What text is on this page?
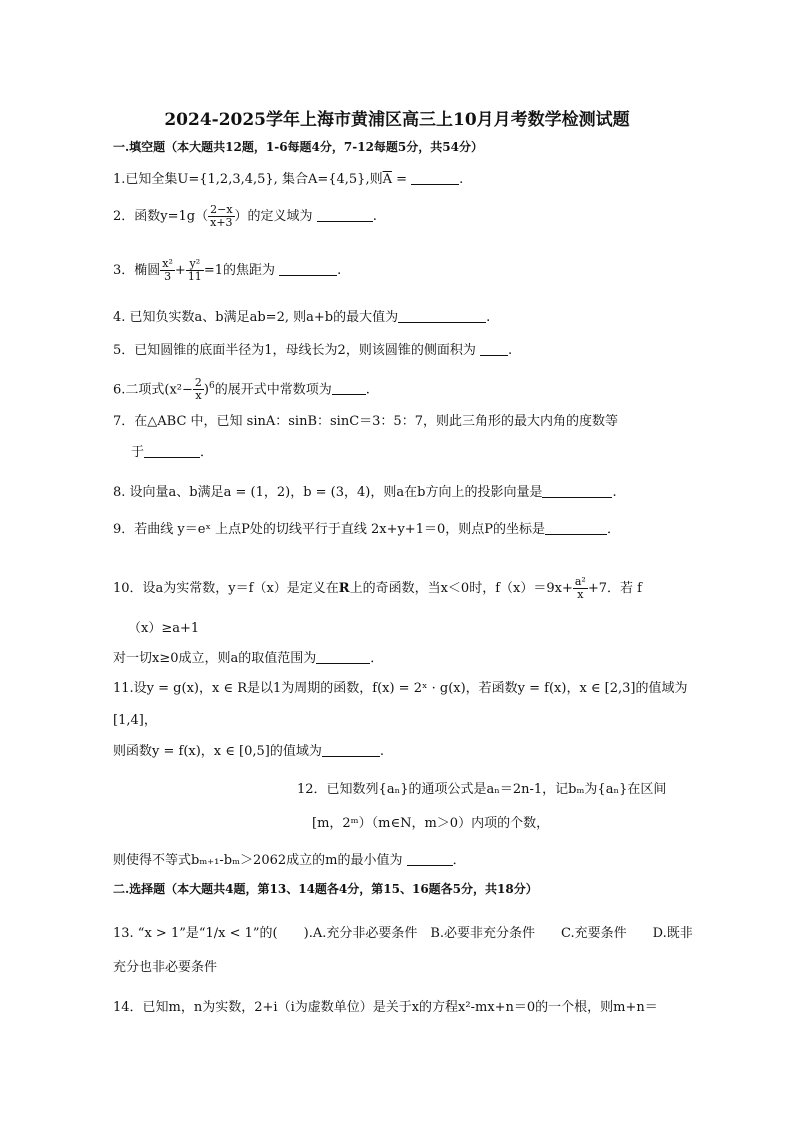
2024-2025学年上海市黄浦区高三上10月月考数学检测试题
一.填空题（本大题共12题，1-6每题4分，7-12每题5分，共54分）
1.已知全集U={1,2,3,4,5}, 集合A={4,5},则$\overline{A}$ =	.
2．函数$y=1g( \frac{2-x}{x+3}$ ）的定义域为	.
3．椭圆 $\frac{\text{x²}}{3} + \frac{\text{y²}}{11} =1$的焦距为	.
4. 已知负实数a、b满足ab=2, 则a+b的最大值为	.
5．已知圆锥的底面半径为1，母线长为2，则该圆锥的侧面积为 .
6.二项式$(x^2- \frac{2}{x} )^6$的展开式中常数项为	.
7．在△ABC 中，已知 sinA：sinB：sinC＝3：5：7，则此三角形的最大内角的度数等
于	．
8. 设向量a、b满足a = (1，2)，b = (3，4)，则a在b方向上的投影向量是	.
9．若曲线 y＝eˣ 上点P处的切线平行于直线 2x+y+1＝0，则点P的坐标是	．
10．设a为实常数，y＝f（x）是定义在R上的奇函数，当x＜0时，$f(x)=9x+ \frac{\text{a²}}{x} +7$．若 f
（x）≥a+1
对一切x≥0成立，则a的取值范围为	．
11.设y = g(x)，x ∈ R是以1为周期的函数，f(x) = 2ˣ · g(x)，若函数y = f(x)，x ∈ [2,3]的值域为
[1,4]，
则函数y = f(x)，x ∈ [0,5]的值域为	.
12．已知数列{aₙ}的通项公式是aₙ＝2n-1，记bₘ为{aₙ}在区间
[m，2ᵐ）（m∈N，m＞0）内项的个数，
则使得不等式bₘ₊₁-bₘ＞2062成立的m的最小值为	．
二.选择题（本大题共4题，第13、14题各4分，第15、16题各5分，共18分）
13. “x > 1”是“1/x < 1”的(　　).A.充分非必要条件　B.必要非充分条件　　C.充要条件　　D.既非
充分也非必要条件
14．已知m，n为实数，2+i（i为虚数单位）是关于x的方程x²-mx+n＝0的一个根，则m+n＝
